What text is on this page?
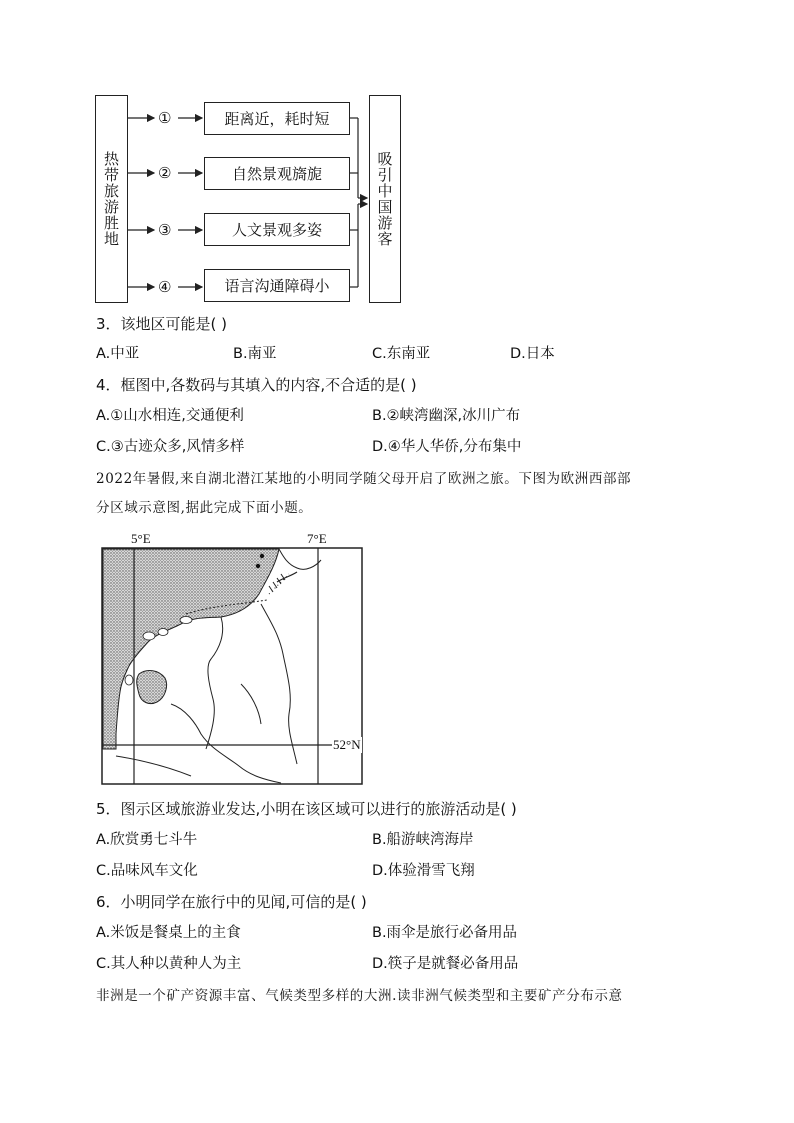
热带旅游胜地
①
②
③
④
距离近，耗时短
自然景观旖旎
人文景观多姿
语言沟通障碍小
吸引中国游客
3．该地区可能是( )
A.中亚	B.南亚	C.东南亚	D.日本
4．框图中,各数码与其填入的内容,不合适的是( )
A.①山水相连,交通便利	B.②峡湾幽深,冰川广布
C.③古迹众多,风情多样	D.④华人华侨,分布集中
2022年暑假,来自湖北潜江某地的小明同学随父母开启了欧洲之旅。下图为欧洲西部部
分区域示意图,据此完成下面小题。
5°E	7°E
52°N
5．图示区域旅游业发达,小明在该区域可以进行的旅游活动是( )
A.欣赏勇七斗牛	B.船游峡湾海岸
C.品味风车文化	D.体验滑雪飞翔
6．小明同学在旅行中的见闻,可信的是( )
A.米饭是餐桌上的主食	B.雨伞是旅行必备用品
C.其人种以黄种人为主	D.筷子是就餐必备用品
非洲是一个矿产资源丰富、气候类型多样的大洲.读非洲气候类型和主要矿产分布示意
